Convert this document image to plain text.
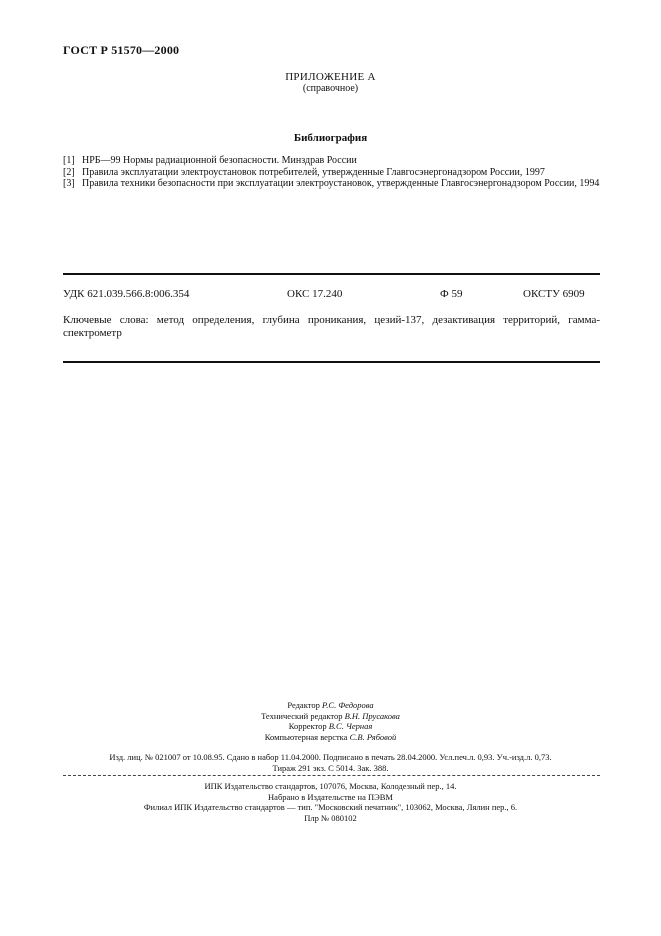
ГОСТ Р 51570—2000
ПРИЛОЖЕНИЕ А
(справочное)
Библиография
[1] НРБ—99 Нормы радиационной безопасности. Минздрав России
[2] Правила эксплуатации электроустановок потребителей, утвержденные Главгосэнергонадзором России, 1997
[3] Правила техники безопасности при эксплуатации электроустановок, утвержденные Главгосэнергонадзором России, 1994
УДК 621.039.566.8:006.354	ОКС 17.240	Ф 59	ОКСТУ 6909
Ключевые слова: метод определения, глубина проникания, цезий-137, дезактивация территорий, гамма-спектрометр
Редактор Р.С. Федорова
Технический редактор В.Н. Прусакова
Корректор В.С. Черная
Компьютерная верстка С.В. Рябовой
Изд. лиц. № 021007 от 10.08.95. Сдано в набор 11.04.2000. Подписано в печать 28.04.2000. Усл.печ.л. 0,93. Уч.-изд.л. 0,73.
Тираж 291 экз. С 5014. Зак. 388.
ИПК Издательство стандартов, 107076, Москва, Колодезный пер., 14.
Набрано в Издательстве на ПЭВМ
Филиал ИПК Издательство стандартов — тип. "Московский печатник", 103062, Москва, Лялин пер., 6.
Плр № 080102
